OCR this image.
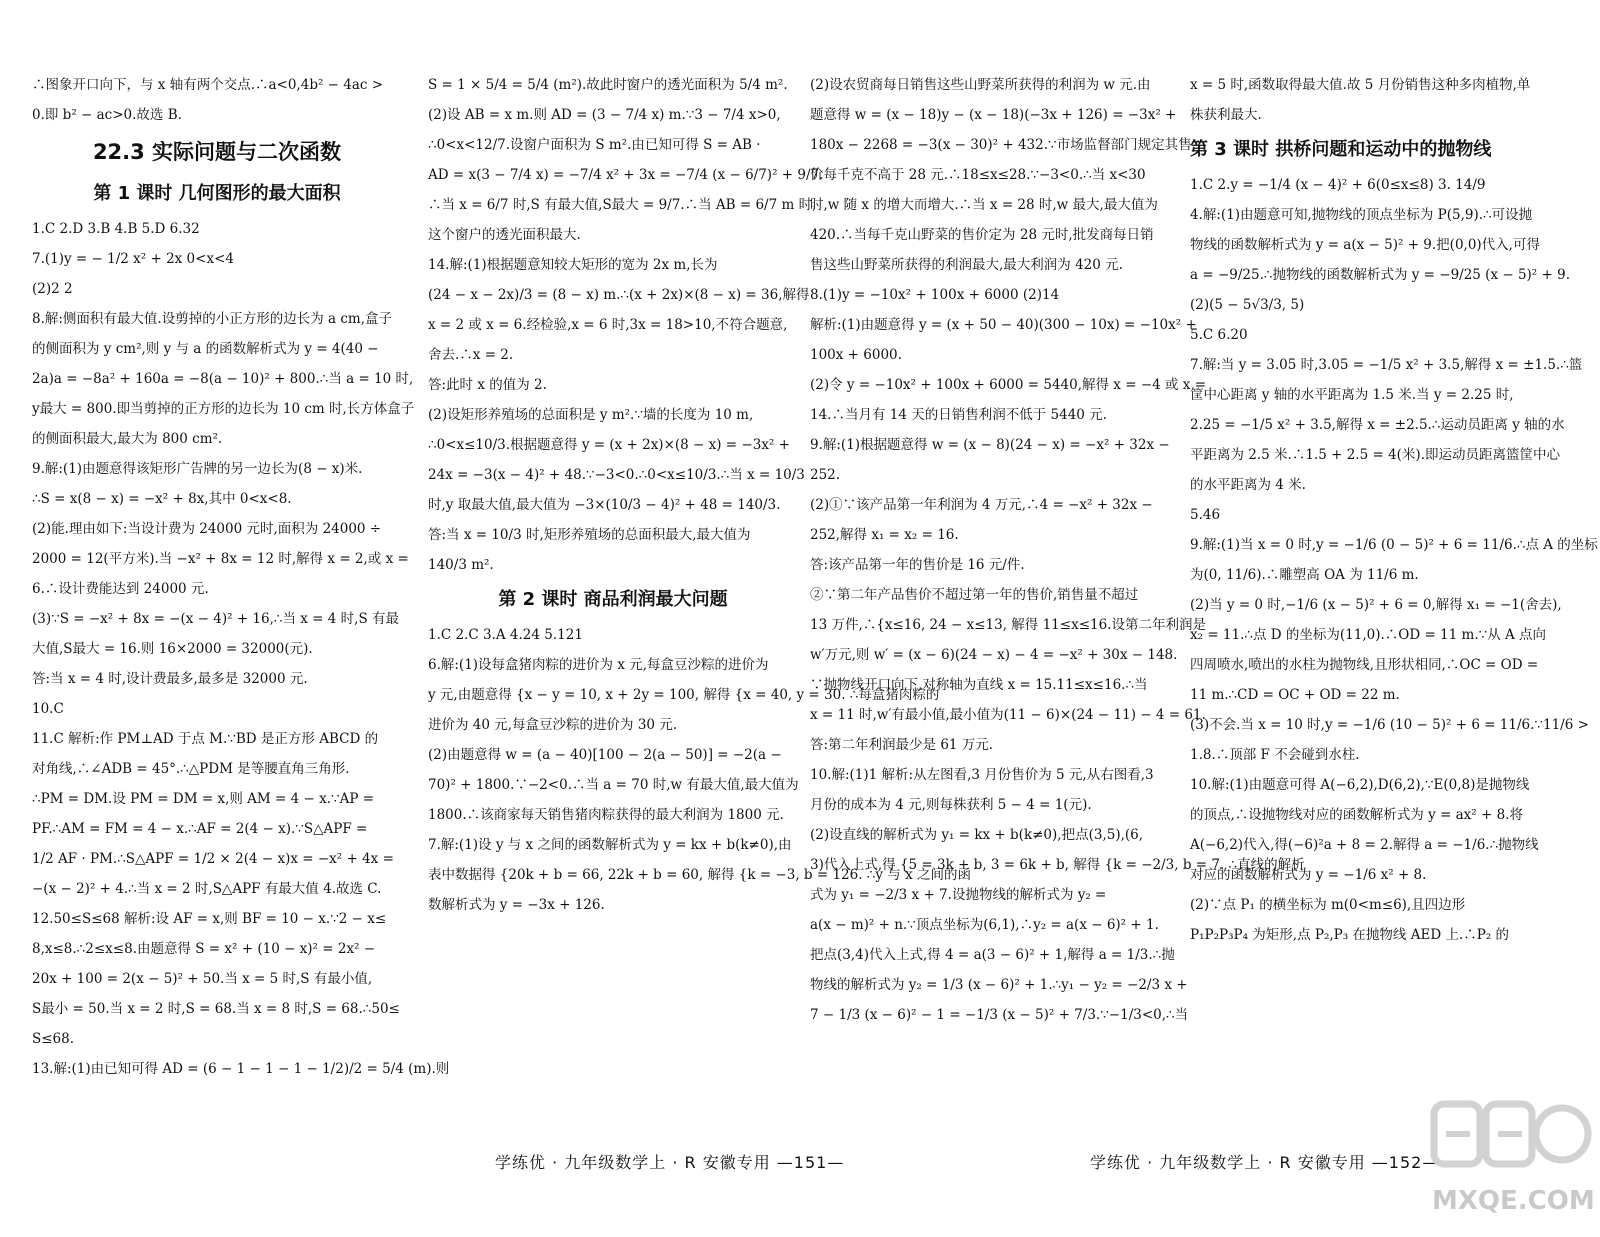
∴图象开口向下，与 x 轴有两个交点.∴a<0,4b² − 4ac >

0.即 b² − ac>0.故选 B.

22.3 实际问题与二次函数

第 1 课时 几何图形的最大面积

1.C 2.D 3.B 4.B 5.D 6.32

7.(1)y = − 1/2 x² + 2x 0<x<4

(2)2 2

8.解:侧面积有最大值.设剪掉的小正方形的边长为 a cm,盒子

的侧面积为 y cm²,则 y 与 a 的函数解析式为 y = 4(40 −

2a)a = −8a² + 160a = −8(a − 10)² + 800.∴当 a = 10 时,

y最大 = 800.即当剪掉的正方形的边长为 10 cm 时,长方体盒子

的侧面积最大,最大为 800 cm².

9.解:(1)由题意得该矩形广告牌的另一边长为(8 − x)米.

∴S = x(8 − x) = −x² + 8x,其中 0<x<8.

(2)能.理由如下:当设计费为 24000 元时,面积为 24000 ÷

2000 = 12(平方米).当 −x² + 8x = 12 时,解得 x = 2,或 x =

6.∴设计费能达到 24000 元.

(3)∵S = −x² + 8x = −(x − 4)² + 16,∴当 x = 4 时,S 有最

大值,S最大 = 16.则 16×2000 = 32000(元).

答:当 x = 4 时,设计费最多,最多是 32000 元.

10.C

11.C 解析:作 PM⊥AD 于点 M.∵BD 是正方形 ABCD 的

对角线,∴∠ADB = 45°.∴△PDM 是等腰直角三角形.

∴PM = DM.设 PM = DM = x,则 AM = 4 − x.∵AP =

PF.∴AM = FM = 4 − x.∴AF = 2(4 − x).∵S△APF =

1/2 AF · PM.∴S△APF = 1/2 × 2(4 − x)x = −x² + 4x =

−(x − 2)² + 4.∴当 x = 2 时,S△APF 有最大值 4.故选 C.

12.50≤S≤68 解析:设 AF = x,则 BF = 10 − x.∵2 − x≤

8,x≤8.∴2≤x≤8.由题意得 S = x² + (10 − x)² = 2x² −

20x + 100 = 2(x − 5)² + 50.当 x = 5 时,S 有最小值,

S最小 = 50.当 x = 2 时,S = 68.当 x = 8 时,S = 68.∴50≤

S≤68.

13.解:(1)由已知可得 AD = (6 − 1 − 1 − 1 − 1/2)/2 = 5/4 (m).则

S = 1 × 5/4 = 5/4 (m²).故此时窗户的透光面积为 5/4 m².

(2)设 AB = x m.则 AD = (3 − 7/4 x) m.∵3 − 7/4 x>0,

∴0<x<12/7.设窗户面积为 S m².由已知可得 S = AB ·

AD = x(3 − 7/4 x) = −7/4 x² + 3x = −7/4 (x − 6/7)² + 9/7.

∴当 x = 6/7 时,S 有最大值,S最大 = 9/7.∴当 AB = 6/7 m 时,

这个窗户的透光面积最大.

14.解:(1)根据题意知较大矩形的宽为 2x m,长为

(24 − x − 2x)/3 = (8 − x) m.∴(x + 2x)×(8 − x) = 36,解得

x = 2 或 x = 6.经检验,x = 6 时,3x = 18>10,不符合题意,

舍去.∴x = 2.

答:此时 x 的值为 2.

(2)设矩形养殖场的总面积是 y m².∵墙的长度为 10 m,

∴0<x≤10/3.根据题意得 y = (x + 2x)×(8 − x) = −3x² +

24x = −3(x − 4)² + 48.∵−3<0.∴0<x≤10/3.∴当 x = 10/3

时,y 取最大值,最大值为 −3×(10/3 − 4)² + 48 = 140/3.

答:当 x = 10/3 时,矩形养殖场的总面积最大,最大值为

140/3 m².

第 2 课时 商品利润最大问题

1.C 2.C 3.A 4.24 5.121

6.解:(1)设每盒猪肉粽的进价为 x 元,每盒豆沙粽的进价为

y 元,由题意得 {x − y = 10, x + 2y = 100, 解得 {x = 40, y = 30. ∴每盒猪肉粽的

进价为 40 元,每盒豆沙粽的进价为 30 元.

(2)由题意得 w = (a − 40)[100 − 2(a − 50)] = −2(a −

70)² + 1800.∵−2<0.∴当 a = 70 时,w 有最大值,最大值为

1800.∴该商家每天销售猪肉粽获得的最大利润为 1800 元.

7.解:(1)设 y 与 x 之间的函数解析式为 y = kx + b(k≠0),由

表中数据得 {20k + b = 66, 22k + b = 60, 解得 {k = −3, b = 126. ∴y 与 x 之间的函

数解析式为 y = −3x + 126.

(2)设农贸商每日销售这些山野菜所获得的利润为 w 元.由

题意得 w = (x − 18)y − (x − 18)(−3x + 126) = −3x² +

180x − 2268 = −3(x − 30)² + 432.∵市场监督部门规定其售

价每千克不高于 28 元.∴18≤x≤28.∵−3<0.∴当 x<30

时,w 随 x 的增大而增大.∴当 x = 28 时,w 最大,最大值为

420.∴当每千克山野菜的售价定为 28 元时,批发商每日销

售这些山野菜所获得的利润最大,最大利润为 420 元.

8.(1)y = −10x² + 100x + 6000 (2)14

解析:(1)由题意得 y = (x + 50 − 40)(300 − 10x) = −10x² +

100x + 6000.

(2)令 y = −10x² + 100x + 6000 = 5440,解得 x = −4 或 x =

14.∴当月有 14 天的日销售利润不低于 5440 元.

9.解:(1)根据题意得 w = (x − 8)(24 − x) = −x² + 32x −

252.

(2)①∵该产品第一年利润为 4 万元,∴4 = −x² + 32x −

252,解得 x₁ = x₂ = 16.

答:该产品第一年的售价是 16 元/件.

②∵第二年产品售价不超过第一年的售价,销售量不超过

13 万件,∴{x≤16, 24 − x≤13, 解得 11≤x≤16.设第二年利润是

w′万元,则 w′ = (x − 6)(24 − x) − 4 = −x² + 30x − 148.

∵抛物线开口向下,对称轴为直线 x = 15.11≤x≤16.∴当

x = 11 时,w′有最小值,最小值为(11 − 6)×(24 − 11) − 4 = 61.

答:第二年利润最少是 61 万元.

10.解:(1)1 解析:从左图看,3 月份售价为 5 元,从右图看,3

月份的成本为 4 元,则每株获利 5 − 4 = 1(元).

(2)设直线的解析式为 y₁ = kx + b(k≠0),把点(3,5),(6,

3)代入上式,得 {5 = 3k + b, 3 = 6k + b, 解得 {k = −2/3, b = 7. ∴直线的解析

式为 y₁ = −2/3 x + 7.设抛物线的解析式为 y₂ =

a(x − m)² + n.∵顶点坐标为(6,1),∴y₂ = a(x − 6)² + 1.

把点(3,4)代入上式,得 4 = a(3 − 6)² + 1,解得 a = 1/3.∴抛

物线的解析式为 y₂ = 1/3 (x − 6)² + 1.∴y₁ − y₂ = −2/3 x +

7 − 1/3 (x − 6)² − 1 = −1/3 (x − 5)² + 7/3.∵−1/3<0,∴当

x = 5 时,函数取得最大值.故 5 月份销售这种多肉植物,单

株获利最大.

第 3 课时 拱桥问题和运动中的抛物线

1.C 2.y = −1/4 (x − 4)² + 6(0≤x≤8) 3. 14/9

4.解:(1)由题意可知,抛物线的顶点坐标为 P(5,9).∴可设抛

物线的函数解析式为 y = a(x − 5)² + 9.把(0,0)代入,可得

a = −9/25.∴抛物线的函数解析式为 y = −9/25 (x − 5)² + 9.

(2)(5 − 5√3/3, 5)

5.C 6.20

7.解:当 y = 3.05 时,3.05 = −1/5 x² + 3.5,解得 x = ±1.5.∴篮

筐中心距离 y 轴的水平距离为 1.5 米.当 y = 2.25 时,

2.25 = −1/5 x² + 3.5,解得 x = ±2.5.∴运动员距离 y 轴的水

平距离为 2.5 米.∴1.5 + 2.5 = 4(米).即运动员距离篮筐中心

的水平距离为 4 米.

5.46

9.解:(1)当 x = 0 时,y = −1/6 (0 − 5)² + 6 = 11/6.∴点 A 的坐标

为(0, 11/6).∴雕塑高 OA 为 11/6 m.

(2)当 y = 0 时,−1/6 (x − 5)² + 6 = 0,解得 x₁ = −1(舍去),

x₂ = 11.∴点 D 的坐标为(11,0).∴OD = 11 m.∵从 A 点向

四周喷水,喷出的水柱为抛物线,且形状相同,∴OC = OD =

11 m.∴CD = OC + OD = 22 m.

(3)不会.当 x = 10 时,y = −1/6 (10 − 5)² + 6 = 11/6.∵11/6 >

1.8.∴顶部 F 不会碰到水柱.

10.解:(1)由题意可得 A(−6,2),D(6,2),∵E(0,8)是抛物线

的顶点,∴设抛物线对应的函数解析式为 y = ax² + 8.将

A(−6,2)代入,得(−6)²a + 8 = 2.解得 a = −1/6.∴抛物线

对应的函数解析式为 y = −1/6 x² + 8.

(2)∵点 P₁ 的横坐标为 m(0<m≤6),且四边形

P₁P₂P₃P₄ 为矩形,点 P₂,P₃ 在抛物线 AED 上.∴P₂ 的

学练优 · 九年级数学上 · R 安徽专用 —151—	学练优 · 九年级数学上 · R 安徽专用 —152—
MXQE.COM
